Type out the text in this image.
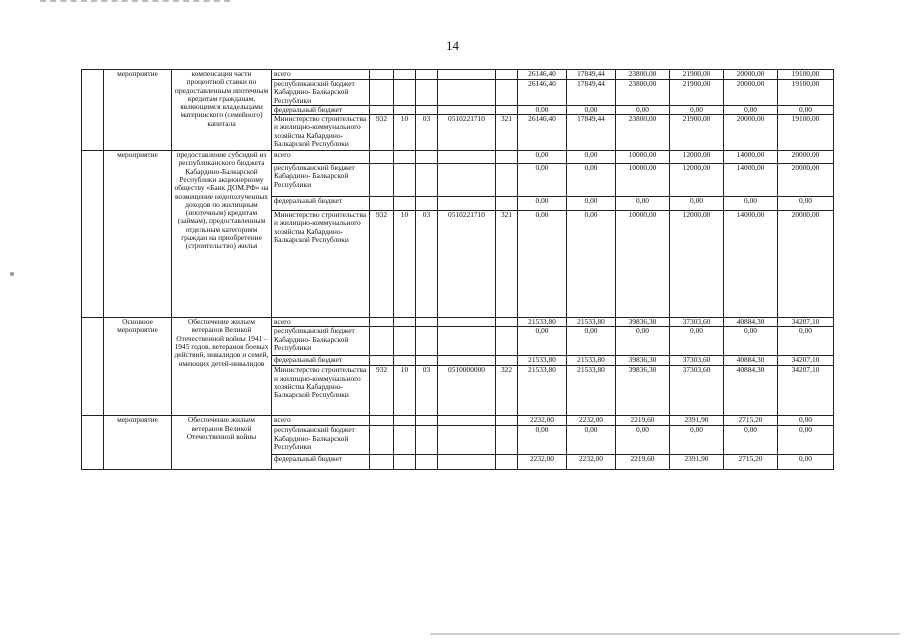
14
	мероприятие	компенсация части процентной ставки по предоставленным ипотечным кредитам гражданам, являющимся владельцами материнского (семейного) капитала	всего						26146,40	17849,44	23800,00	21900,00	20000,00	19100,00
			республиканский бюджет Кабардино- Балкарской Республики						26146,40	17849,44	23800,00	21900,00	20000,00	19100,00
			федеральный бюджет						0,00	0,00	0,00	0,00	0,00	0,00
			Министерство строительства и жилищно-коммунального хозяйства Кабардино-Балкарской Республики	932	10	03	0510221710	321	26146,40	17849,44	23800,00	21900,00	20000,00	19100,00
	мероприятие	предоставление субсидий из республиканского бюджета Кабардино-Балкарской Республики акционерному обществу «Банк ДОМ.РФ» на возмещение недополученных доходов по жилищным (ипотечным) кредитам (займам), предоставленным отдельным категориям граждан на приобретение (строительство) жилья	всего						0,00	0,00	10000,00	12000,00	14000,00	20000,00
			республиканский бюджет Кабардино- Балкарской Республики						0,00	0,00	10000,00	12000,00	14000,00	20000,00
			федеральный бюджет						0,00	0,00	0,00	0,00	0,00	0,00
			Министерство строительства и жилищно-коммунального хозяйства Кабардино-Балкарской Республики	932	10	03	0510221710	321	0,00	0,00	10000,00	12000,00	14000,00	20000,00
	Основное мероприятие	Обеспечение жильем ветеранов Великой Отечественной войны 1941 - 1945 годов, ветеранов боевых действий, инвалидов и семей, имеющих детей-инвалидов	всего						21533,80	21533,80	39836,30	37303,60	40884,30	34207,10
			республиканский бюджет Кабардино- Балкарской Республики						0,00	0,00	0,00	0,00	0,00	0,00
			федеральный бюджет						21533,80	21533,80	39836,30	37303,60	40884,30	34207,10
			Министерство строительства и жилищно-коммунального хозяйства Кабардино-Балкарской Республики	932	10	03	0510000000	322	21533,80	21533,80	39836,30	37303,60	40884,30	34207,10
	мероприятие	Обеспечение жильем ветеранов Великой Отечественной войны	всего						2232,00	2232,00	2219,60	2391,90	2715,20	0,00
			республиканский бюджет Кабардино- Балкарской Республики						0,00	0,00	0,00	0,00	0,00	0,00
			федеральный бюджет						2232,00	2232,00	2219,60	2391,90	2715,20	0,00
